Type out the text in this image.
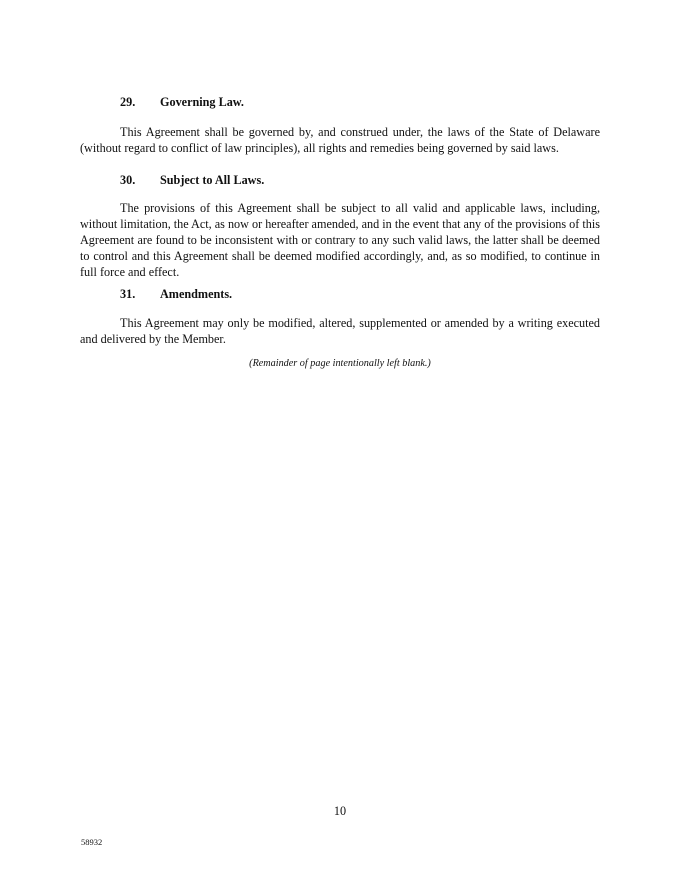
29. Governing Law.

This Agreement shall be governed by, and construed under, the laws of the State of Delaware (without regard to conflict of law principles), all rights and remedies being governed by said laws.

30. Subject to All Laws.

The provisions of this Agreement shall be subject to all valid and applicable laws, including, without limitation, the Act, as now or hereafter amended, and in the event that any of the provisions of this Agreement are found to be inconsistent with or contrary to any such valid laws, the latter shall be deemed to control and this Agreement shall be deemed modified accordingly, and, as so modified, to continue in full force and effect.

31. Amendments.

This Agreement may only be modified, altered, supplemented or amended by a writing executed and delivered by the Member.

(Remainder of page intentionally left blank.)
10
58932
